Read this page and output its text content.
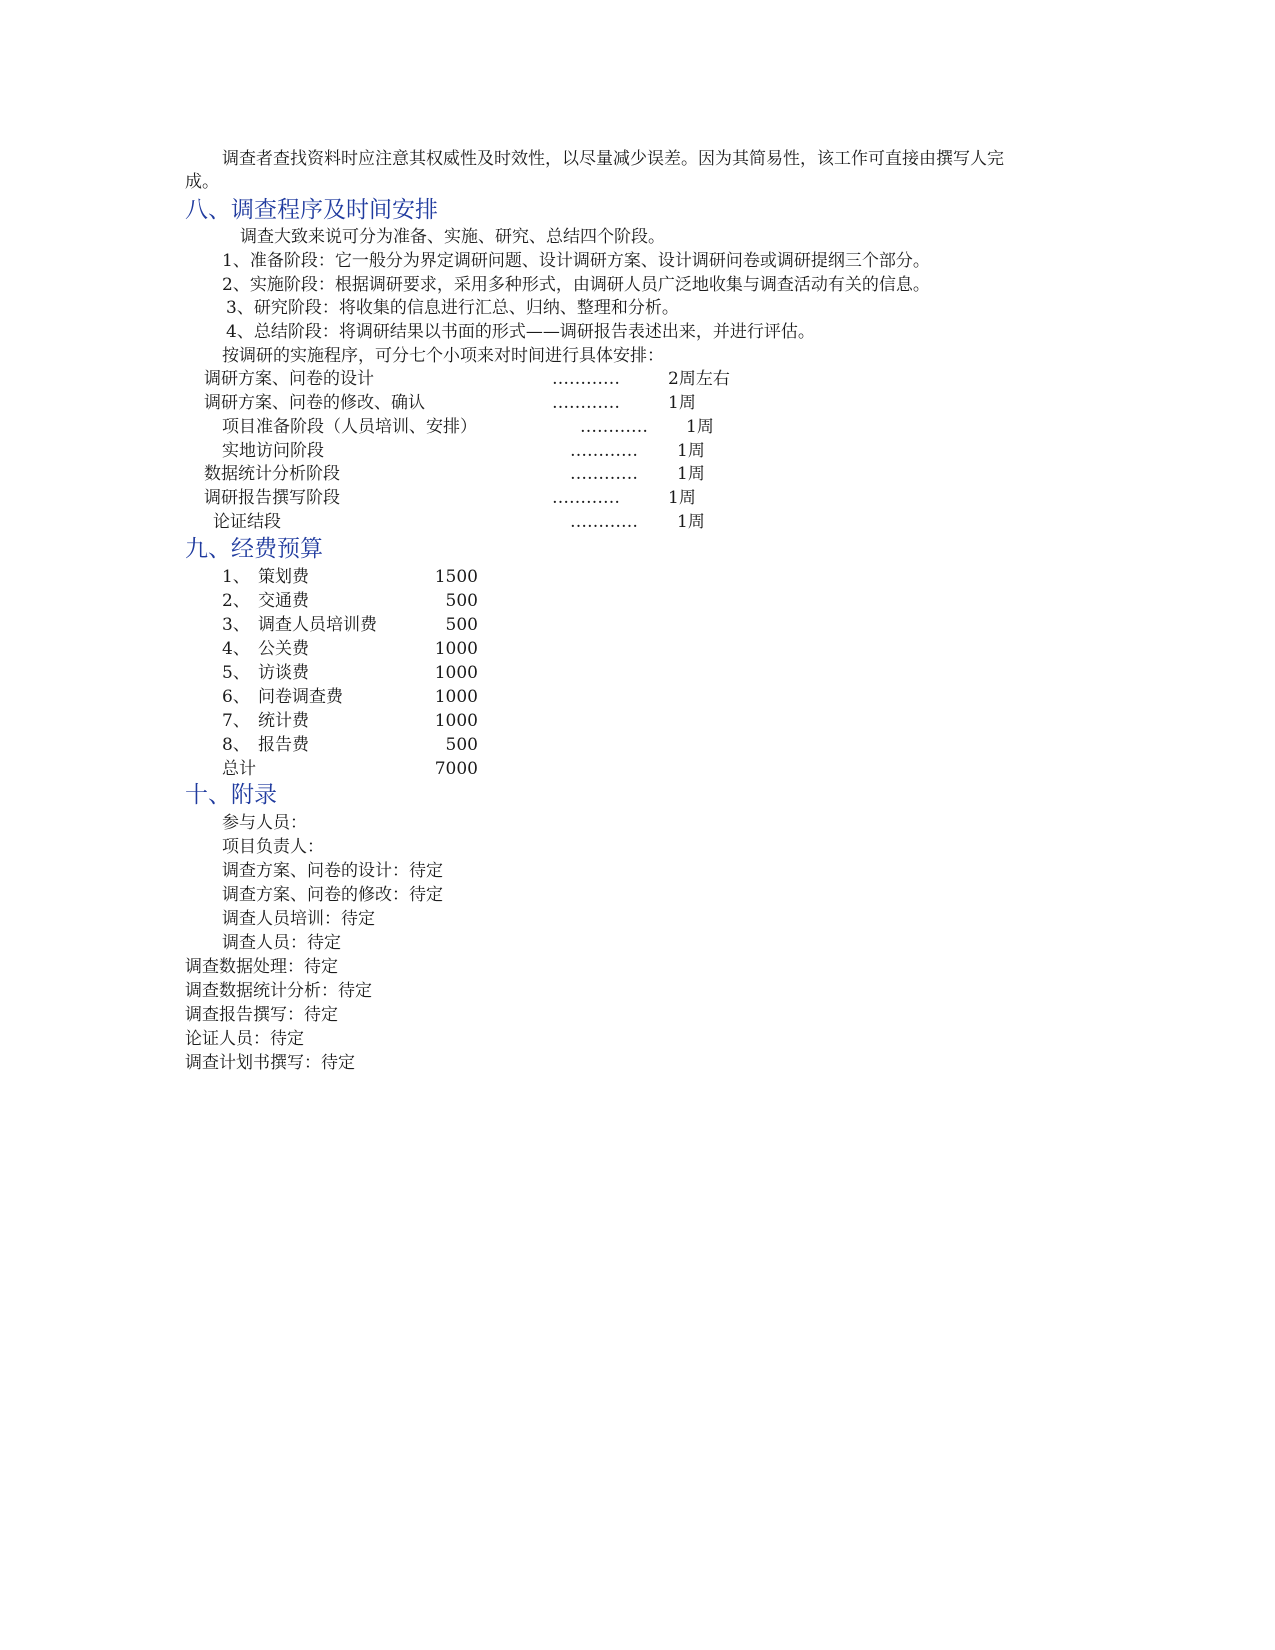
调查者查找资料时应注意其权威性及时效性，以尽量减少误差。因为其简易性，该工作可直接由撰写人完
成。
八、调查程序及时间安排
调查大致来说可分为准备、实施、研究、总结四个阶段。
1、准备阶段：它一般分为界定调研问题、设计调研方案、设计调研问卷或调研提纲三个部分。
2、实施阶段：根据调研要求，采用多种形式，由调研人员广泛地收集与调查活动有关的信息。
3、研究阶段：将收集的信息进行汇总、归纳、整理和分析。
4、总结阶段：将调研结果以书面的形式——调研报告表述出来，并进行评估。
按调研的实施程序，可分七个小项来对时间进行具体安排：
调研方案、问卷的设计	…………	2周左右
调研方案、问卷的修改、确认	…………	1周
项目准备阶段（人员培训、安排）	………… 1周
实地访问阶段	………… 1周
数据统计分析阶段	………… 1周
调研报告撰写阶段	…………	1周
论证结段	………… 1周
九、经费预算
1、 策划费	1500
2、 交通费	500
3、 调查人员培训费	500
4、 公关费	1000
5、 访谈费	1000
6、 问卷调查费	1000
7、 统计费	1000
8、 报告费	500
总计	7000
十、附录
参与人员：
项目负责人：
调查方案、问卷的设计：待定
调查方案、问卷的修改：待定
调查人员培训：待定
调查人员：待定
调查数据处理：待定
调查数据统计分析：待定
调查报告撰写：待定
论证人员：待定
调查计划书撰写：待定
